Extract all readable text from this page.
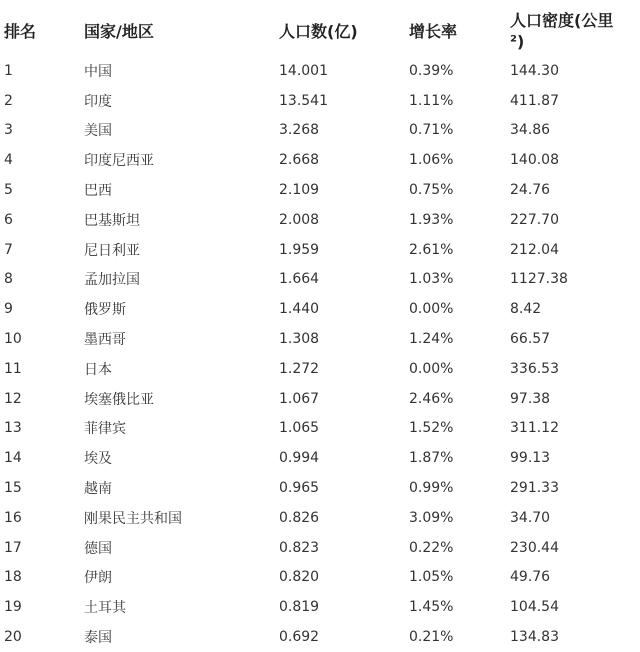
排名	国家/地区	人口数(亿)	增长率	人口密度(公里²)
1	中国	14.001	0.39%	144.30
2	印度	13.541	1.11%	411.87
3	美国	3.268	0.71%	34.86
4	印度尼西亚	2.668	1.06%	140.08
5	巴西	2.109	0.75%	24.76
6	巴基斯坦	2.008	1.93%	227.70
7	尼日利亚	1.959	2.61%	212.04
8	孟加拉国	1.664	1.03%	1127.38
9	俄罗斯	1.440	0.00%	8.42
10	墨西哥	1.308	1.24%	66.57
11	日本	1.272	0.00%	336.53
12	埃塞俄比亚	1.067	2.46%	97.38
13	菲律宾	1.065	1.52%	311.12
14	埃及	0.994	1.87%	99.13
15	越南	0.965	0.99%	291.33
16	刚果民主共和国	0.826	3.09%	34.70
17	德国	0.823	0.22%	230.44
18	伊朗	0.820	1.05%	49.76
19	土耳其	0.819	1.45%	104.54
20	泰国	0.692	0.21%	134.83
